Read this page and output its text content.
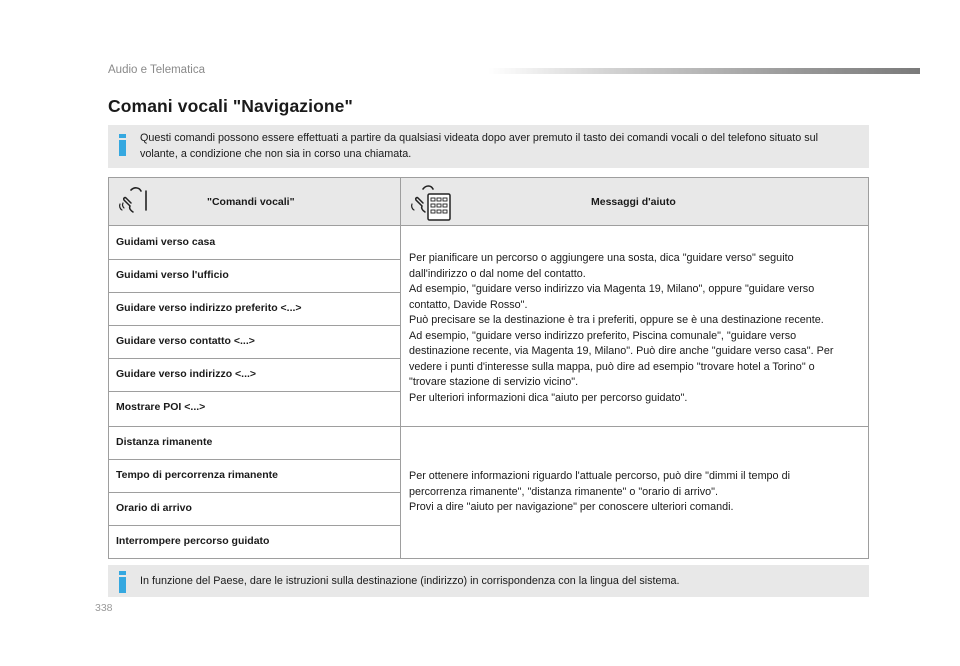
Audio e Telematica
Comani vocali "Navigazione"
Questi comandi possono essere effettuati a partire da qualsiasi videata dopo aver premuto il tasto dei comandi vocali o del telefono situato sul
volante, a condizione che non sia in corso una chiamata.
"Comandi vocali"	Messaggi d'aiuto
Guidami verso casa
Guidami verso l'ufficio
Guidare verso indirizzo preferito <...>
Guidare verso contatto <...>
Guidare verso indirizzo <...>
Mostrare POI <...>
Per pianificare un percorso o aggiungere una sosta, dica "guidare verso" seguito
dall'indirizzo o dal nome del contatto.
Ad esempio, "guidare verso indirizzo via Magenta 19, Milano", oppure "guidare verso
contatto, Davide Rosso".
Può precisare se la destinazione è tra i preferiti, oppure se è una destinazione recente.
Ad esempio, "guidare verso indirizzo preferito, Piscina comunale", "guidare verso
destinazione recente, via Magenta 19, Milano". Può dire anche "guidare verso casa". Per
vedere i punti d'interesse sulla mappa, può dire ad esempio "trovare hotel a Torino" o
"trovare stazione di servizio vicino".
Per ulteriori informazioni dica "aiuto per percorso guidato".
Distanza rimanente
Tempo di percorrenza rimanente
Orario di arrivo
Interrompere percorso guidato
Per ottenere informazioni riguardo l'attuale percorso, può dire "dimmi il tempo di
percorrenza rimanente", "distanza rimanente" o "orario di arrivo".
Provi a dire "aiuto per navigazione" per conoscere ulteriori comandi.
In funzione del Paese, dare le istruzioni sulla destinazione (indirizzo) in corrispondenza con la lingua del sistema.
338
